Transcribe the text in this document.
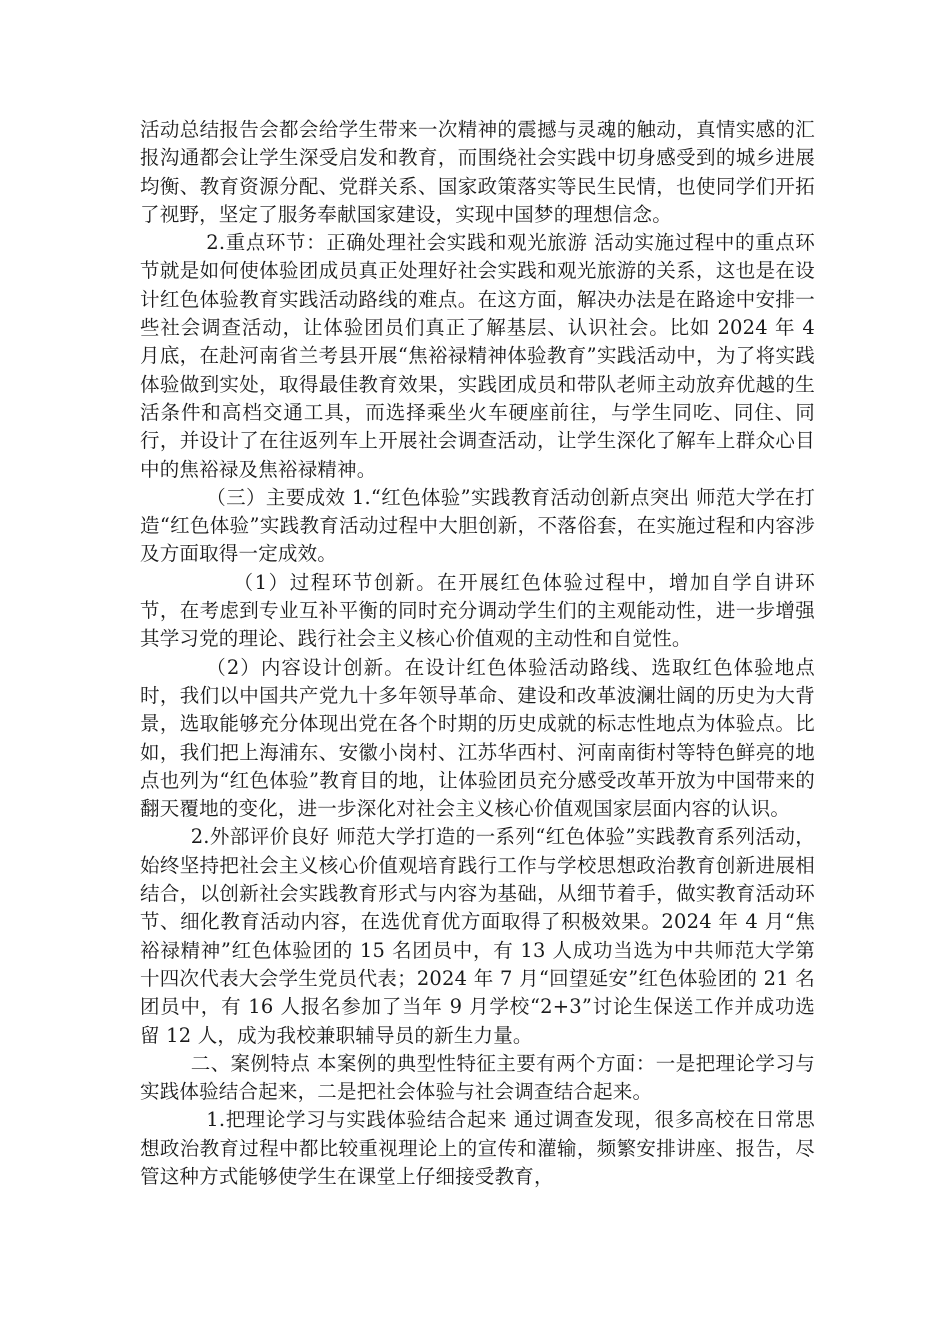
活动总结报告会都会给学生带来一次精神的震撼与灵魂的触动，真情实感的汇报沟通都会让学生深受启发和教育，而围绕社会实践中切身感受到的城乡进展均衡、教育资源分配、党群关系、国家政策落实等民生民情，也使同学们开拓了视野，坚定了服务奉献国家建设，实现中国梦的理想信念。

2.重点环节：正确处理社会实践和观光旅游 活动实施过程中的重点环节就是如何使体验团成员真正处理好社会实践和观光旅游的关系，这也是在设计红色体验教育实践活动路线的难点。在这方面，解决办法是在路途中安排一些社会调查活动，让体验团员们真正了解基层、认识社会。比如 2024 年 4 月底，在赴河南省兰考县开展“焦裕禄精神体验教育”实践活动中，为了将实践体验做到实处，取得最佳教育效果，实践团成员和带队老师主动放弃优越的生活条件和高档交通工具，而选择乘坐火车硬座前往，与学生同吃、同住、同行，并设计了在往返列车上开展社会调查活动，让学生深化了解车上群众心目中的焦裕禄及焦裕禄精神。

（三）主要成效 1.“红色体验”实践教育活动创新点突出 师范大学在打造“红色体验”实践教育活动过程中大胆创新，不落俗套，在实施过程和内容涉及方面取得一定成效。

（1）过程环节创新。在开展红色体验过程中，增加自学自讲环节，在考虑到专业互补平衡的同时充分调动学生们的主观能动性，进一步增强其学习党的理论、践行社会主义核心价值观的主动性和自觉性。

（2）内容设计创新。在设计红色体验活动路线、选取红色体验地点时，我们以中国共产党九十多年领导革命、建设和改革波澜壮阔的历史为大背景，选取能够充分体现出党在各个时期的历史成就的标志性地点为体验点。比如，我们把上海浦东、安徽小岗村、江苏华西村、河南南街村等特色鲜亮的地点也列为“红色体验”教育目的地，让体验团员充分感受改革开放为中国带来的翻天覆地的变化，进一步深化对社会主义核心价值观国家层面内容的认识。

2.外部评价良好 师范大学打造的一系列“红色体验”实践教育系列活动，始终坚持把社会主义核心价值观培育践行工作与学校思想政治教育创新进展相结合，以创新社会实践教育形式与内容为基础，从细节着手，做实教育活动环节、细化教育活动内容，在选优育优方面取得了积极效果。2024 年 4 月“焦裕禄精神”红色体验团的 15 名团员中，有 13 人成功当选为中共师范大学第十四次代表大会学生党员代表；2024 年 7 月“回望延安”红色体验团的 21 名团员中，有 16 人报名参加了当年 9 月学校“2+3”讨论生保送工作并成功选留 12 人，成为我校兼职辅导员的新生力量。

二、案例特点 本案例的典型性特征主要有两个方面：一是把理论学习与实践体验结合起来，二是把社会体验与社会调查结合起来。

1.把理论学习与实践体验结合起来 通过调查发现，很多高校在日常思想政治教育过程中都比较重视理论上的宣传和灌输，频繁安排讲座、报告，尽管这种方式能够使学生在课堂上仔细接受教育，
